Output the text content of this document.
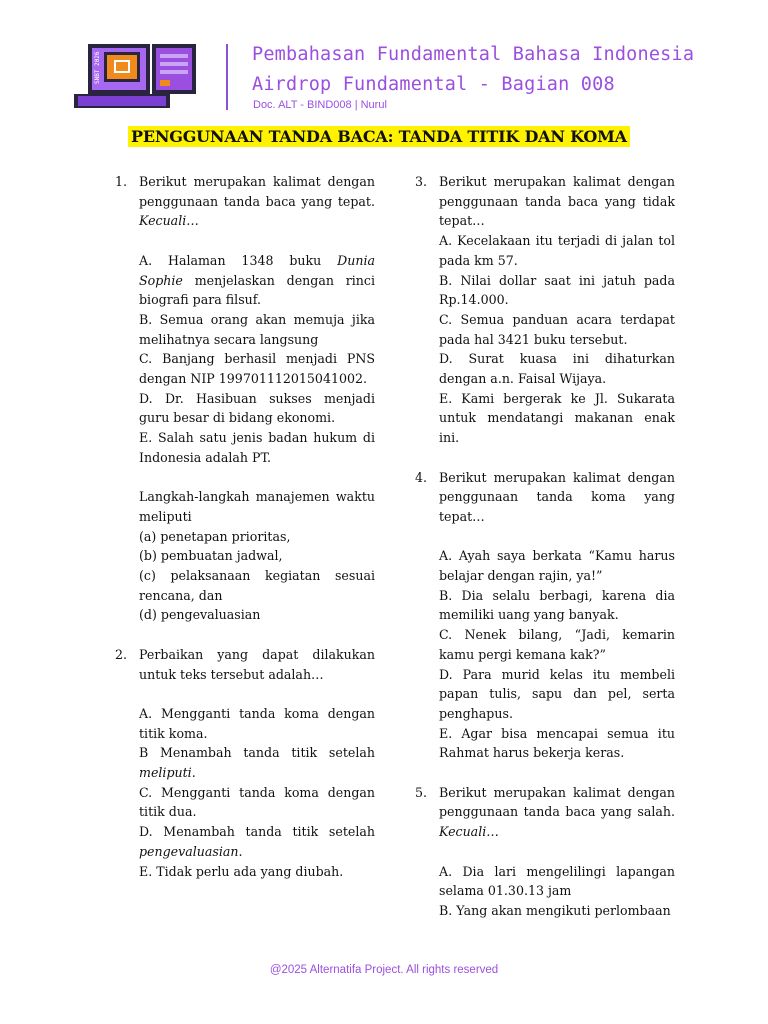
SNBT 2026	Pembahasan Fundamental Bahasa Indonesia
Airdrop Fundamental - Bagian 008
Doc. ALT - BIND008 | Nurul
PENGGUNAAN TANDA BACA: TANDA TITIK DAN KOMA
1. Berikut merupakan kalimat dengan penggunaan tanda baca yang tepat. Kecuali…

A. Halaman 1348 buku Dunia Sophie menjelaskan dengan rinci biografi para filsuf.

B. Semua orang akan memuja jika melihatnya secara langsung

C. Banjang berhasil menjadi PNS dengan NIP 199701112015041002.

D. Dr. Hasibuan sukses menjadi guru besar di bidang ekonomi.

E. Salah satu jenis badan hukum di Indonesia adalah PT.

Langkah-langkah manajemen waktu meliputi

(a) penetapan prioritas,

(b) pembuatan jadwal,

(c) pelaksanaan kegiatan sesuai rencana, dan

(d) pengevaluasian

2. Perbaikan yang dapat dilakukan untuk teks tersebut adalah…

A. Mengganti tanda koma dengan titik koma.

B Menambah tanda titik setelah meliputi.

C. Mengganti tanda koma dengan titik dua.

D. Menambah tanda titik setelah pengevaluasian.

E. Tidak perlu ada yang diubah.

3. Berikut merupakan kalimat dengan penggunaan tanda baca yang tidak tepat…

A. Kecelakaan itu terjadi di jalan tol pada km 57.

B. Nilai dollar saat ini jatuh pada Rp.14.000.

C. Semua panduan acara terdapat pada hal 3421 buku tersebut.

D. Surat kuasa ini dihaturkan dengan a.n. Faisal Wijaya.

E. Kami bergerak ke Jl. Sukarata untuk mendatangi makanan enak ini.

4. Berikut merupakan kalimat dengan penggunaan tanda koma yang tepat…

A. Ayah saya berkata “Kamu harus belajar dengan rajin, ya!”

B. Dia selalu berbagi, karena dia memiliki uang yang banyak.

C. Nenek bilang, “Jadi, kemarin kamu pergi kemana kak?”

D. Para murid kelas itu membeli papan tulis, sapu dan pel, serta penghapus.

E. Agar bisa mencapai semua itu Rahmat harus bekerja keras.

5. Berikut merupakan kalimat dengan penggunaan tanda baca yang salah. Kecuali…

A. Dia lari mengelilingi lapangan selama 01.30.13 jam

B. Yang akan mengikuti perlombaan

@2025 Alternatifa Project. All rights reserved
